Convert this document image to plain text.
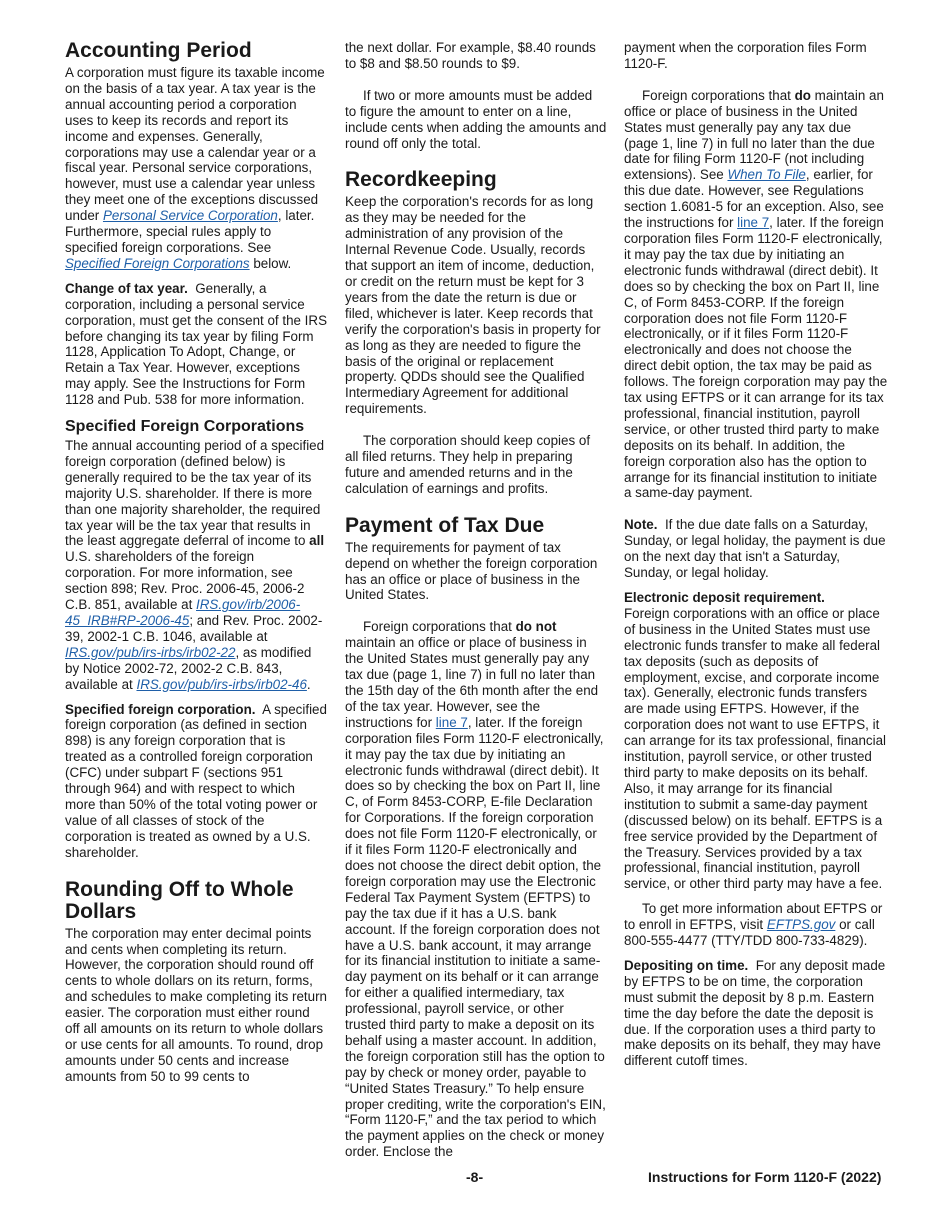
Accounting Period

A corporation must figure its taxable income on the basis of a tax year. A tax year is the annual accounting period a corporation uses to keep its records and report its income and expenses. Generally, corporations may use a calendar year or a fiscal year. Personal service corporations, however, must use a calendar year unless they meet one of the exceptions discussed under Personal Service Corporation, later. Furthermore, special rules apply to specified foreign corporations. See Specified Foreign Corporations below.

Change of tax year. Generally, a corporation, including a personal service corporation, must get the consent of the IRS before changing its tax year by filing Form 1128, Application To Adopt, Change, or Retain a Tax Year. However, exceptions may apply. See the Instructions for Form 1128 and Pub. 538 for more information.

Specified Foreign Corporations

The annual accounting period of a specified foreign corporation (defined below) is generally required to be the tax year of its majority U.S. shareholder. If there is more than one majority shareholder, the required tax year will be the tax year that results in the least aggregate deferral of income to all U.S. shareholders of the foreign corporation. For more information, see section 898; Rev. Proc. 2006-45, 2006-2 C.B. 851, available at IRS.gov/irb/2006-45_IRB#RP-2006-45; and Rev. Proc. 2002-39, 2002-1 C.B. 1046, available at IRS.gov/pub/irs-irbs/irb02-22, as modified by Notice 2002-72, 2002-2 C.B. 843, available at IRS.gov/pub/irs-irbs/irb02-46.

Specified foreign corporation. A specified foreign corporation (as defined in section 898) is any foreign corporation that is treated as a controlled foreign corporation (CFC) under subpart F (sections 951 through 964) and with respect to which more than 50% of the total voting power or value of all classes of stock of the corporation is treated as owned by a U.S. shareholder.

Rounding Off to Whole Dollars

The corporation may enter decimal points and cents when completing its return. However, the corporation should round off cents to whole dollars on its return, forms, and schedules to make completing its return easier. The corporation must either round off all amounts on its return to whole dollars or use cents for all amounts. To round, drop amounts under 50 cents and increase amounts from 50 to 99 cents to

the next dollar. For example, $8.40 rounds to $8 and $8.50 rounds to $9.

If two or more amounts must be added to figure the amount to enter on a line, include cents when adding the amounts and round off only the total.

Recordkeeping

Keep the corporation's records for as long as they may be needed for the administration of any provision of the Internal Revenue Code. Usually, records that support an item of income, deduction, or credit on the return must be kept for 3 years from the date the return is due or filed, whichever is later. Keep records that verify the corporation's basis in property for as long as they are needed to figure the basis of the original or replacement property. QDDs should see the Qualified Intermediary Agreement for additional requirements.

The corporation should keep copies of all filed returns. They help in preparing future and amended returns and in the calculation of earnings and profits.

Payment of Tax Due

The requirements for payment of tax depend on whether the foreign corporation has an office or place of business in the United States.

Foreign corporations that do not maintain an office or place of business in the United States must generally pay any tax due (page 1, line 7) in full no later than the 15th day of the 6th month after the end of the tax year. However, see the instructions for line 7, later. If the foreign corporation files Form 1120-F electronically, it may pay the tax due by initiating an electronic funds withdrawal (direct debit). It does so by checking the box on Part II, line C, of Form 8453-CORP, E-file Declaration for Corporations. If the foreign corporation does not file Form 1120-F electronically, or if it files Form 1120-F electronically and does not choose the direct debit option, the foreign corporation may use the Electronic Federal Tax Payment System (EFTPS) to pay the tax due if it has a U.S. bank account. If the foreign corporation does not have a U.S. bank account, it may arrange for its financial institution to initiate a same-day payment on its behalf or it can arrange for either a qualified intermediary, tax professional, payroll service, or other trusted third party to make a deposit on its behalf using a master account. In addition, the foreign corporation still has the option to pay by check or money order, payable to “United States Treasury.” To help ensure proper crediting, write the corporation's EIN, “Form 1120-F,” and the tax period to which the payment applies on the check or money order. Enclose the

payment when the corporation files Form 1120-F.

Foreign corporations that do maintain an office or place of business in the United States must generally pay any tax due (page 1, line 7) in full no later than the due date for filing Form 1120-F (not including extensions). See When To File, earlier, for this due date. However, see Regulations section 1.6081-5 for an exception. Also, see the instructions for line 7, later. If the foreign corporation files Form 1120-F electronically, it may pay the tax due by initiating an electronic funds withdrawal (direct debit). It does so by checking the box on Part II, line C, of Form 8453-CORP. If the foreign corporation does not file Form 1120-F electronically, or if it files Form 1120-F electronically and does not choose the direct debit option, the tax may be paid as follows. The foreign corporation may pay the tax using EFTPS or it can arrange for its tax professional, financial institution, payroll service, or other trusted third party to make deposits on its behalf. In addition, the foreign corporation also has the option to arrange for its financial institution to initiate a same-day payment.

Note. If the due date falls on a Saturday, Sunday, or legal holiday, the payment is due on the next day that isn't a Saturday, Sunday, or legal holiday.

Electronic deposit requirement.
Foreign corporations with an office or place of business in the United States must use electronic funds transfer to make all federal tax deposits (such as deposits of employment, excise, and corporate income tax). Generally, electronic funds transfers are made using EFTPS. However, if the corporation does not want to use EFTPS, it can arrange for its tax professional, financial institution, payroll service, or other trusted third party to make deposits on its behalf. Also, it may arrange for its financial institution to submit a same-day payment (discussed below) on its behalf. EFTPS is a free service provided by the Department of the Treasury. Services provided by a tax professional, financial institution, payroll service, or other third party may have a fee.

To get more information about EFTPS or to enroll in EFTPS, visit EFTPS.gov or call 800-555-4477 (TTY/TDD 800-733-4829).

Depositing on time. For any deposit made by EFTPS to be on time, the corporation must submit the deposit by 8 p.m. Eastern time the day before the date the deposit is due. If the corporation uses a third party to make deposits on its behalf, they may have different cutoff times.

-8-	Instructions for Form 1120-F (2022)
